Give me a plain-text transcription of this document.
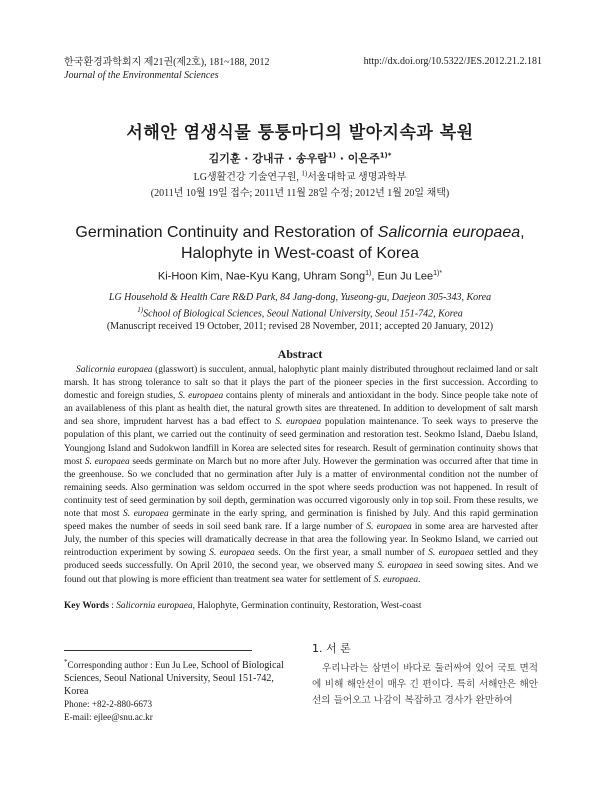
한국환경과학회지 제21권(제2호), 181~188, 2012
Journal of the Environmental Sciences
http://dx.doi.org/10.5322/JES.2012.21.2.181
서해안 염생식물 퉁퉁마디의 발아지속과 복원
김기훈 · 강내규 · 송우람$^{1)}$ · 이은주$^{1)*}$
LG생활건강 기술연구원, $^{1)}$서울대학교 생명과학부
(2011년 10월 19일 접수; 2011년 11월 28일 수정; 2012년 1월 20일 채택)
Germination Continuity and Restoration of Salicornia europaea,
Halophyte in West-coast of Korea
Ki-Hoon Kim, Nae-Kyu Kang, Uhram Song$^{1)}$, Eun Ju Lee$^{1)*}$
LG Household & Health Care R&D Park, 84 Jang-dong, Yuseong-gu, Daejeon 305-343, Korea
$^{1)}$School of Biological Sciences, Seoul National University, Seoul 151-742, Korea
(Manuscript received 19 October, 2011; revised 28 November, 2011; accepted 20 January, 2012)
Abstract

Salicornia europaea (glasswort) is succulent, annual, halophytic plant mainly distributed throughout reclaimed land or salt marsh. It has strong tolerance to salt so that it plays the part of the pioneer species in the first succession. According to domestic and foreign studies, S. europaea contains plenty of minerals and antioxidant in the body. Since people take note of an availableness of this plant as health diet, the natural growth sites are threatened. In addition to development of salt marsh and sea shore, imprudent harvest has a bad effect to S. europaea population maintenance. To seek ways to preserve the population of this plant, we carried out the continuity of seed germination and restoration test. Seokmo Island, Daebu Island, Youngjong Island and Sudokwon landfill in Korea are selected sites for research. Result of germination continuity shows that most S. europaea seeds germinate on March but no more after July. However the germination was occurred after that time in the greenhouse. So we concluded that no germination after July is a matter of environmental condition not the number of remaining seeds. Also germination was seldom occurred in the spot where seeds production was not happened. In result of continuity test of seed germination by soil depth, germination was occurred vigorously only in top soil. From these results, we note that most S. europaea germinate in the early spring, and germination is finished by July. And this rapid germination speed makes the number of seeds in soil seed bank rare. If a large number of S. europaea in some area are harvested after July, the number of this species will dramatically decrease in that area the following year. In Seokmo Island, we carried out reintroduction experiment by sowing S. europaea seeds. On the first year, a small number of S. europaea settled and they produced seeds successfully. On April 2010, the second year, we observed many S. europaea in seed sowing sites. And we found out that plowing is more efficient than treatment sea water for settlement of S. europaea.

Key Words : Salicornia europaea, Halophyte, Germination continuity, Restoration, West-coast
*Corresponding author : Eun Ju Lee, School of Biological Sciences, Seoul National University, Seoul 151-742, Korea
Phone: +82-2-880-6673
E-mail: ejlee@snu.ac.kr
1. 서 론

우리나라는 삼면이 바다로 둘러싸여 있어 국토 면적에 비해 해안선이 매우 긴 편이다. 특히 서해안은 해안선의 들어오고 나감이 복잡하고 경사가 완만하여
